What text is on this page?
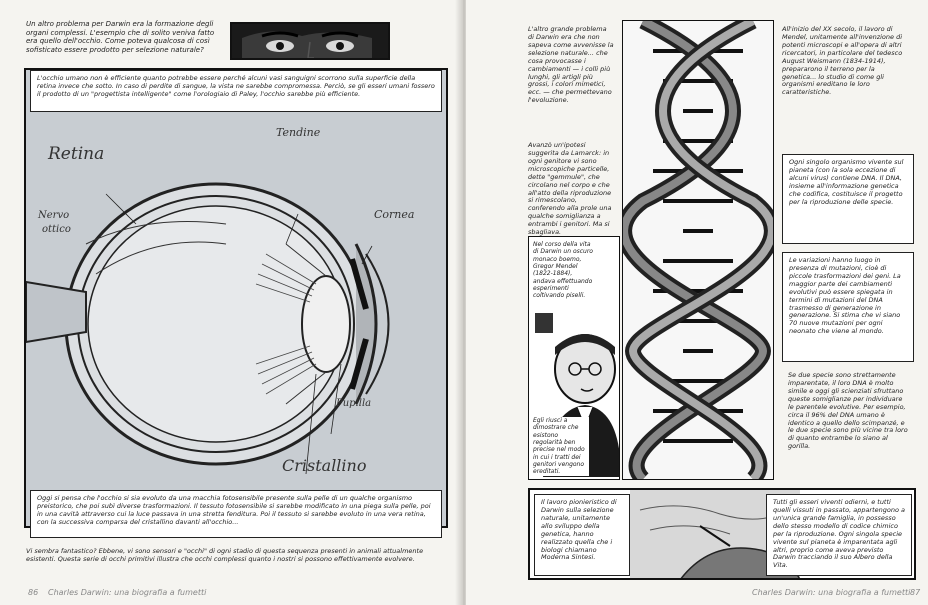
Un altro problema per Darwin era la formazione degli organi complessi. L'esempio che di solito veniva fatto era quello dell'occhio. Come poteva qualcosa di così sofisticato essere prodotto per selezione naturale?
Retina
Tendine
Nervo
ottico
Cornea
Pupilla
Cristallino
L'occhio umano non è efficiente quanto potrebbe essere perché alcuni vasi sanguigni scorrono sulla superficie della retina invece che sotto. In caso di perdite di sangue, la vista ne sarebbe compromessa. Perciò, se gli esseri umani fossero il prodotto di un "progettista intelligente" come l'orologiaio di Paley, l'occhio sarebbe più efficiente.
Oggi si pensa che l'occhio si sia evoluto da una macchia fotosensibile presente sulla pelle di un qualche organismo preistorico, che poi subì diverse trasformazioni. Il tessuto fotosensibile si sarebbe modificato in una piega sulla pelle, poi in una cavità attraverso cui la luce passava in una stretta fenditura. Poi il tessuto si sarebbe evoluto in una vera retina, con la successiva comparsa del cristallino davanti all'occhio...
Vi sembra fantastico? Ebbene, vi sono sensori e "occhi" di ogni stadio di questa sequenza presenti in animali attualmente esistenti. Questa serie di occhi primitivi illustra che occhi complessi quanto i nostri si possono effettivamente evolvere.
86 Charles Darwin: una biografia a fumetti
L'altro grande problema di Darwin era che non sapeva come avvenisse la selezione naturale... che cosa provocasse i cambiamenti — i colli più lunghi, gli artigli più grossi, i colori mimetici, ecc. — che permettevano l'evoluzione.
Avanzò un'ipotesi suggerita da Lamarck: in ogni genitore vi sono microscopiche particelle, dette "gemmule", che circolano nel corpo e che all'atto della riproduzione si rimescolano, conferendo alla prole una qualche somiglianza a entrambi i genitori. Ma si sbagliava.
Nel corso della vita di Darwin un oscuro monaco boemo, Gregor Mendel (1822-1884), andava effettuando esperimenti coltivando piselli.
Egli riuscì a dimostrare che esistono regolarità ben precise nel modo in cui i tratti dei genitori vengono ereditati.
All'inizio del XX secolo, il lavoro di Mendel, unitamente all'invenzione di potenti microscopi e all'opera di altri ricercatori, in particolare del tedesco August Weismann (1834-1914), prepararono il terreno per la genetica... lo studio di come gli organismi ereditano le loro caratteristiche.
Ogni singolo organismo vivente sul pianeta (con la sola eccezione di alcuni virus) contiene DNA. Il DNA, insieme all'informazione genetica che codifica, costituisce il progetto per la riproduzione delle specie.
Le variazioni hanno luogo in presenza di mutazioni, cioè di piccole trasformazioni dei geni. La maggior parte dei cambiamenti evolutivi può essere spiegata in termini di mutazioni del DNA trasmesso di generazione in generazione. Si stima che vi siano 70 nuove mutazioni per ogni neonato che viene al mondo.
Se due specie sono strettamente imparentate, il loro DNA è molto simile e oggi gli scienziati sfruttano queste somiglianze per individuare le parentele evolutive. Per esempio, circa il 96% del DNA umano è identico a quello dello scimpanzé, e le due specie sono più vicine tra loro di quanto entrambe lo siano al gorilla.
Il lavoro pionieristico di Darwin sulla selezione naturale, unitamente allo sviluppo della genetica, hanno realizzato quella che i biologi chiamano Moderna Sintesi.
Tutti gli esseri viventi odierni, e tutti quelli vissuti in passato, appartengono a un'unica grande famiglia, in possesso dello stesso modello di codice chimico per la riproduzione. Ogni singola specie vivente sul pianeta è imparentata agli altri, proprio come aveva previsto Darwin tracciando il suo Albero della Vita.
Charles Darwin: una biografia a fumetti 87
